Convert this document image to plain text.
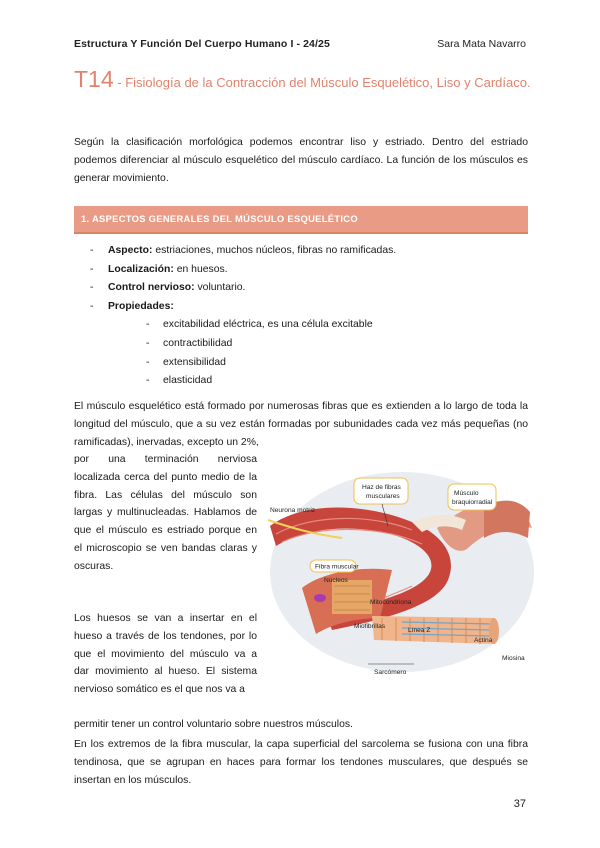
Estructura Y Función Del Cuerpo Humano I - 24/25	Sara Mata Navarro
T14 - Fisiología de la Contracción del Músculo Esquelético, Liso y Cardíaco.

Según la clasificación morfológica podemos encontrar liso y estriado. Dentro del estriado podemos diferenciar al músculo esquelético del músculo cardíaco. La función de los músculos es generar movimiento.

1. ASPECTOS GENERALES DEL MÚSCULO ESQUELÉTICO
- Aspecto: estriaciones, muchos núcleos, fibras no ramificadas.
- Localización: en huesos.
- Control nervioso: voluntario.
- Propiedades:
- excitabilidad eléctrica, es una célula excitable
- contractibilidad
- extensibilidad
- elasticidad

El músculo esquelético está formado por numerosas fibras que es extienden a lo largo de toda la longitud del músculo, que a su vez están formadas por subunidades cada vez más pequeñas (no ramificadas), inervadas, excepto un 2%,

por una terminación nerviosa localizada cerca del punto medio de la fibra. Las células del músculo son largas y multinucleadas. Hablamos de que el músculo es estriado porque en el microscopio se ven bandas claras y oscuras.

Los huesos se van a insertar en el hueso a través de los tendones, por lo que el movimiento del músculo va a dar movimiento al hueso. El sistema nervioso somático es el que nos va a

permitir tener un control voluntario sobre nuestros músculos.

En los extremos de la fibra muscular, la capa superficial del sarcolema se fusiona con una fibra tendinosa, que se agrupan en haces para formar los tendones musculares, que después se insertan en los músculos.

Haz de fibras
musculares	Músculo
braquiorradial
Neurona motriz
Fibra muscular
Núcleos
Mitocondriona
Miofibrillas
Línea Z
Actina
Miosina
Sarcómero
37
